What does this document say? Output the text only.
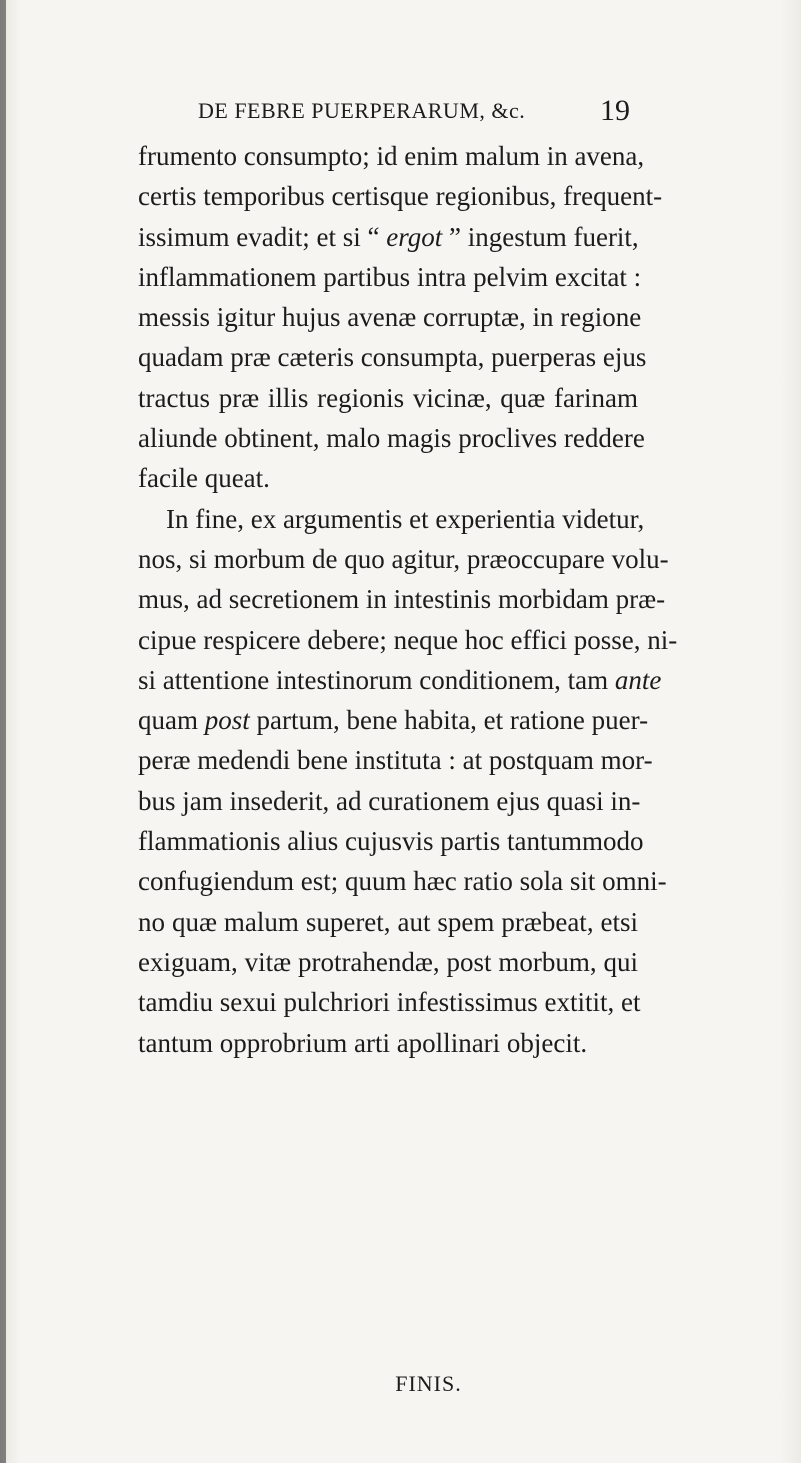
DE FEBRE PUERPERARUM, &c. 19
frumento consumpto; id enim malum in avena,
certis temporibus certisque regionibus, frequent-
issimum evadit; et si “ ergot ” ingestum fuerit,
inflammationem partibus intra pelvim excitat :
messis igitur hujus avenæ corruptæ, in regione
quadam præ cæteris consumpta, puerperas ejus
tractus præ illis regionis vicinæ, quæ farinam
aliunde obtinent, malo magis proclives reddere
facile queat.
In fine, ex argumentis et experientia videtur,
nos, si morbum de quo agitur, præoccupare volu-
mus, ad secretionem in intestinis morbidam præ-
cipue respicere debere; neque hoc effici posse, ni-
si attentione intestinorum conditionem, tam ante
quam post partum, bene habita, et ratione puer-
peræ medendi bene instituta : at postquam mor-
bus jam insederit, ad curationem ejus quasi in-
flammationis alius cujusvis partis tantummodo
confugiendum est; quum hæc ratio sola sit omni-
no quæ malum superet, aut spem præbeat, etsi
exiguam, vitæ protrahendæ, post morbum, qui
tamdiu sexui pulchriori infestissimus extitit, et
tantum opprobrium arti apollinari objecit.
FINIS.
